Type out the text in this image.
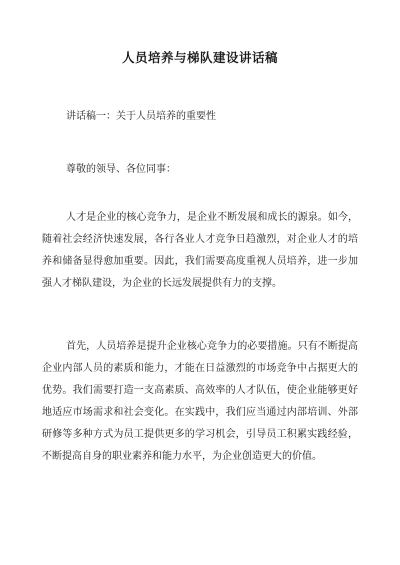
人员培养与梯队建设讲话稿
讲话稿一：关于人员培养的重要性
尊敬的领导、各位同事：

人才是企业的核心竞争力，是企业不断发展和成长的源泉。如今，随着社会经济快速发展，各行各业人才竞争日趋激烈，对企业人才的培养和储备显得愈加重要。因此，我们需要高度重视人员培养，进一步加强人才梯队建设，为企业的长远发展提供有力的支撑。

首先，人员培养是提升企业核心竞争力的必要措施。只有不断提高企业内部人员的素质和能力，才能在日益激烈的市场竞争中占据更大的优势。我们需要打造一支高素质、高效率的人才队伍，使企业能够更好地适应市场需求和社会变化。在实践中，我们应当通过内部培训、外部研修等多种方式为员工提供更多的学习机会，引导员工积累实践经验，不断提高自身的职业素养和能力水平，为企业创造更大的价值。
